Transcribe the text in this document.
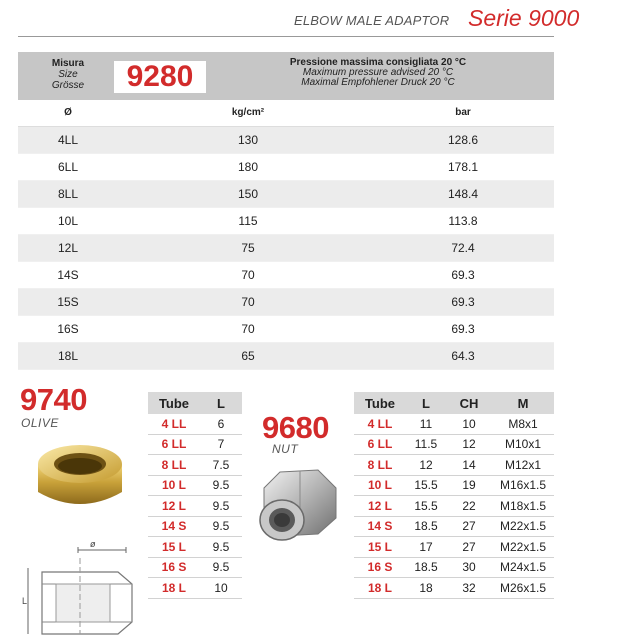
ELBOW MALE ADAPTOR Serie 9000
Misura
Size
Grösse	9280	Pressione massima consigliata 20 °C
Maximum pressure advised 20 °C
Maximal Empfohlener Druck 20 °C
Ø	kg/cm²	bar
4LL	130	128.6
6LL	180	178.1
8LL	150	148.4
10L	115	113.8
12L	75	72.4
14S	70	69.3
15S	70	69.3
16S	70	69.3
18L	65	64.3
9740
OLIVE
ø
L
Tube	L
4 LL	6
6 LL	7
8 LL	7.5
10 L	9.5
12 L	9.5
14 S	9.5
15 L	9.5
16 S	9.5
18 L	10
9680
NUT
Tube	L	CH	M
4 LL	11	10	M8x1
6 LL	11.5	12	M10x1
8 LL	12	14	M12x1
10 L	15.5	19	M16x1.5
12 L	15.5	22	M18x1.5
14 S	18.5	27	M22x1.5
15 L	17	27	M22x1.5
16 S	18.5	30	M24x1.5
18 L	18	32	M26x1.5
